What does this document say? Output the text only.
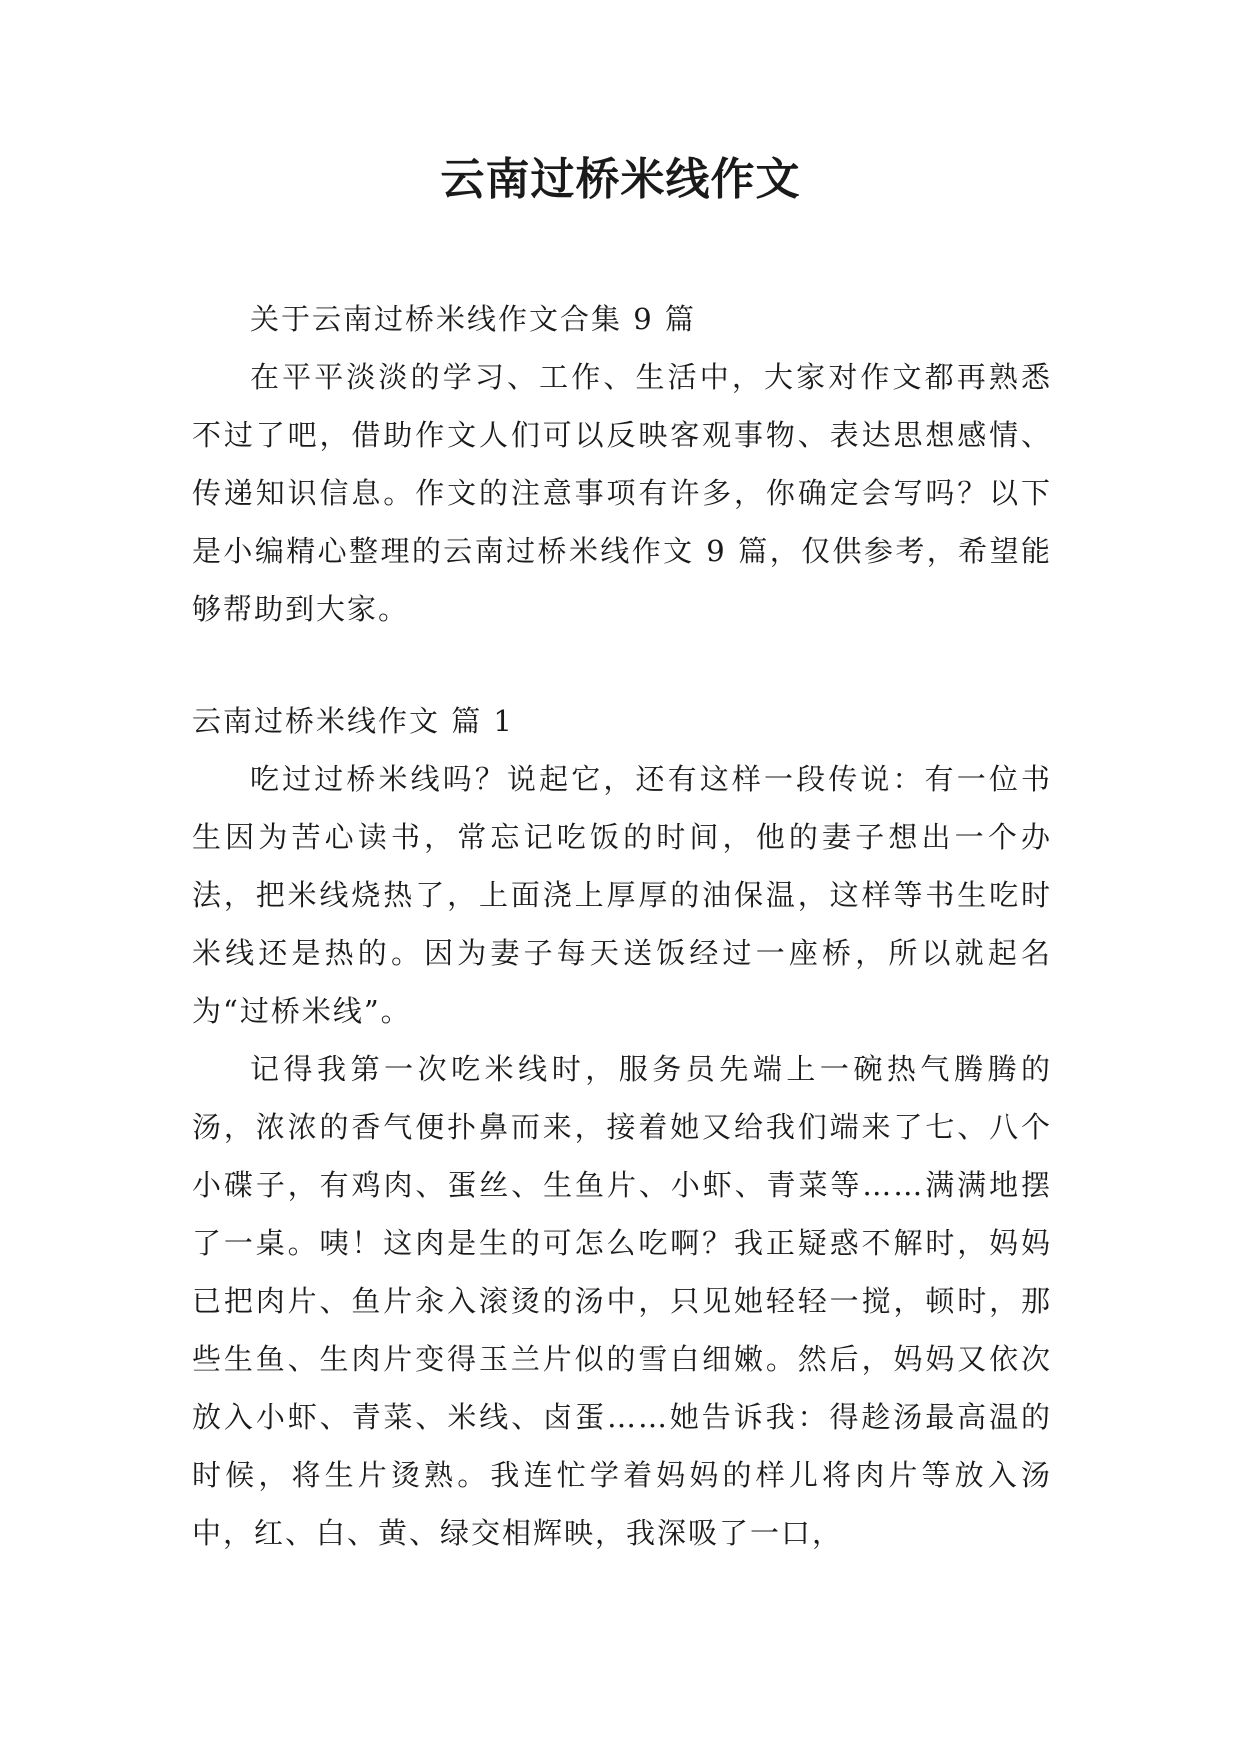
云南过桥米线作文

关于云南过桥米线作文合集 9 篇

在平平淡淡的学习、工作、生活中，大家对作文都再熟悉不过了吧，借助作文人们可以反映客观事物、表达思想感情、传递知识信息。作文的注意事项有许多，你确定会写吗？以下是小编精心整理的云南过桥米线作文 9 篇，仅供参考，希望能够帮助到大家。

云南过桥米线作文 篇 1

吃过过桥米线吗？说起它，还有这样一段传说：有一位书生因为苦心读书，常忘记吃饭的时间，他的妻子想出一个办法，把米线烧热了，上面浇上厚厚的油保温，这样等书生吃时米线还是热的。因为妻子每天送饭经过一座桥，所以就起名为“过桥米线”。

记得我第一次吃米线时，服务员先端上一碗热气腾腾的汤，浓浓的香气便扑鼻而来，接着她又给我们端来了七、八个小碟子，有鸡肉、蛋丝、生鱼片、小虾、青菜等……满满地摆了一桌。咦！这肉是生的可怎么吃啊？我正疑惑不解时，妈妈已把肉片、鱼片汆入滚烫的汤中，只见她轻轻一搅，顿时，那些生鱼、生肉片变得玉兰片似的雪白细嫩。然后，妈妈又依次放入小虾、青菜、米线、卤蛋……她告诉我：得趁汤最高温的时候，将生片烫熟。我连忙学着妈妈的样儿将肉片等放入汤中，红、白、黄、绿交相辉映，我深吸了一口，
